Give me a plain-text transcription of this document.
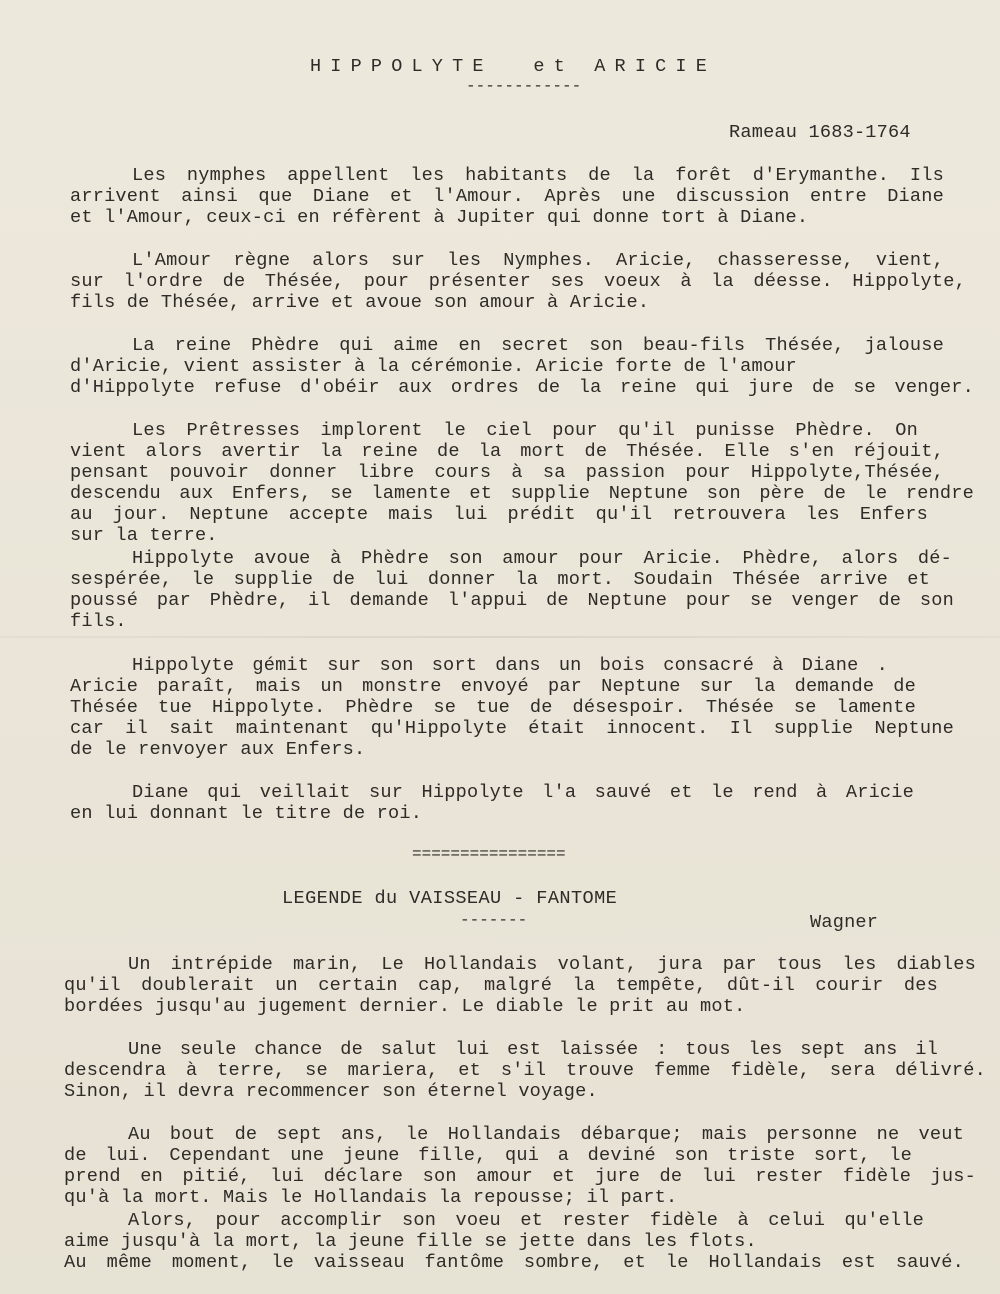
HIPPOLYTE  et ARICIE
------------
Rameau 1683-1764
Les nymphes appellent les habitants de la forêt d'Erymanthe. Ils
arrivent ainsi que Diane et l'Amour. Après une discussion entre Diane
et l'Amour, ceux-ci en réfèrent à Jupiter qui donne tort à Diane.
L'Amour règne alors sur les Nymphes. Aricie, chasseresse, vient,
sur l'ordre de Thésée, pour présenter ses voeux à la déesse. Hippolyte,
fils de Thésée, arrive et avoue son amour à Aricie.
La reine Phèdre qui aime en secret son beau-fils Thésée, jalouse
d'Aricie, vient assister à la cérémonie. Aricie forte de l'amour
d'Hippolyte refuse d'obéir aux ordres de la reine qui jure de se venger.
Les Prêtresses implorent le ciel pour qu'il punisse Phèdre. On
vient alors avertir la reine de la mort de Thésée. Elle s'en réjouit,
pensant pouvoir donner libre cours à sa passion pour Hippolyte,Thésée,
descendu aux Enfers, se lamente et supplie Neptune son père de le rendre
au jour. Neptune accepte mais lui prédit qu'il retrouvera les Enfers
sur la terre.
Hippolyte avoue à Phèdre son amour pour Aricie. Phèdre, alors dé-
sespérée, le supplie de lui donner la mort. Soudain Thésée arrive et
poussé par Phèdre, il demande l'appui de Neptune pour se venger de son
fils.
Hippolyte gémit sur son sort dans un bois consacré à Diane .
Aricie paraît, mais un monstre envoyé par Neptune sur la demande de
Thésée tue Hippolyte. Phèdre se tue de désespoir. Thésée se lamente
car il sait maintenant qu'Hippolyte était innocent. Il supplie Neptune
de le renvoyer aux Enfers.
Diane qui veillait sur Hippolyte l'a sauvé et le rend à Aricie
en lui donnant le titre de roi.
================
LEGENDE du VAISSEAU - FANTOME
-------	Wagner
Un intrépide marin, Le Hollandais volant, jura par tous les diables
qu'il doublerait un certain cap, malgré la tempête, dût-il courir des
bordées jusqu'au jugement dernier. Le diable le prit au mot.
Une seule chance de salut lui est laissée : tous les sept ans il
descendra à terre, se mariera, et s'il trouve femme fidèle, sera délivré.
Sinon, il devra recommencer son éternel voyage.
Au bout de sept ans, le Hollandais débarque; mais personne ne veut
de lui. Cependant une jeune fille, qui a deviné son triste sort, le
prend en pitié, lui déclare son amour et jure de lui rester fidèle jus-
qu'à la mort. Mais le Hollandais la repousse; il part.
Alors, pour accomplir son voeu et rester fidèle à celui qu'elle
aime jusqu'à la mort, la jeune fille se jette dans les flots.
Au même moment, le vaisseau fantôme sombre, et le Hollandais est sauvé.
